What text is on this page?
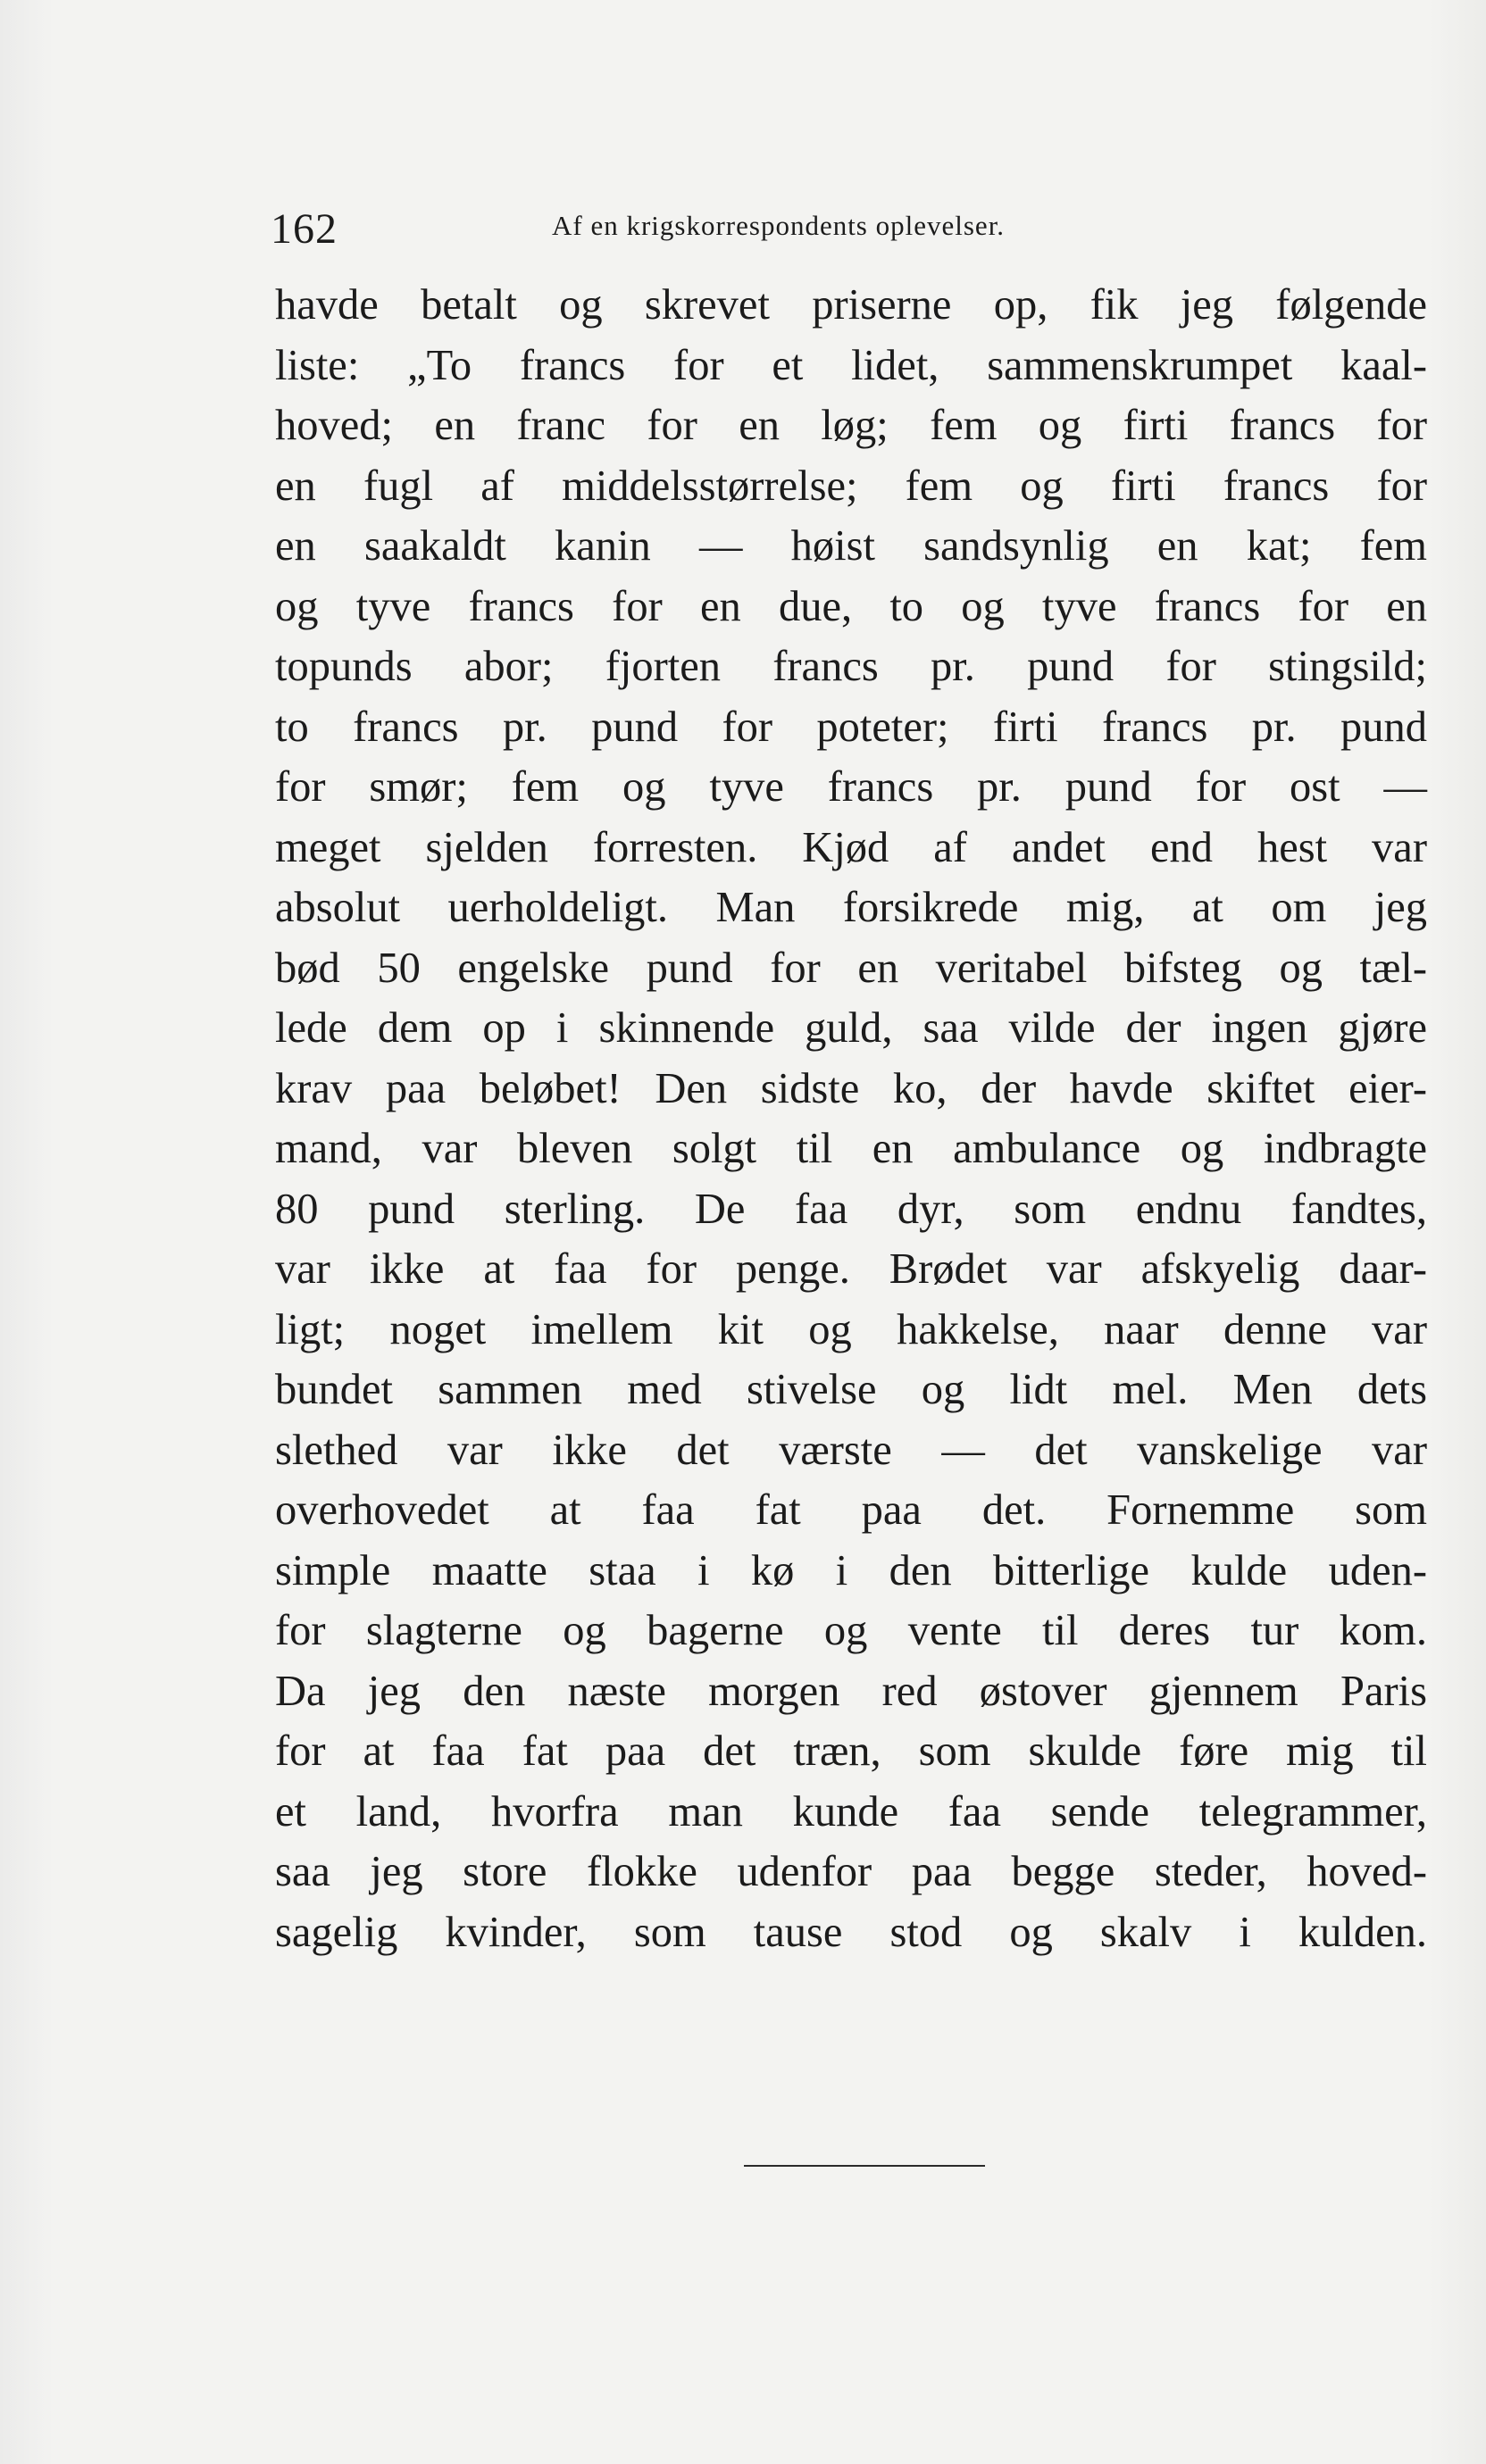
162	Af en krigskorrespondents oplevelser.
havde betalt og skrevet priserne op, fik jeg følgende
liste: „To francs for et lidet, sammenskrumpet kaal-
hoved; en franc for en løg; fem og firti francs for
en fugl af middelsstørrelse; fem og firti francs for
en saakaldt kanin — høist sandsynlig en kat; fem
og tyve francs for en due, to og tyve francs for en
topunds abor; fjorten francs pr. pund for stingsild;
to francs pr. pund for poteter; firti francs pr. pund
for smør; fem og tyve francs pr. pund for ost —
meget sjelden forresten. Kjød af andet end hest var
absolut uerholdeligt. Man forsikrede mig, at om jeg
bød 50 engelske pund for en veritabel bifsteg og tæl-
lede dem op i skinnende guld, saa vilde der ingen gjøre
krav paa beløbet! Den sidste ko, der havde skiftet eier-
mand, var bleven solgt til en ambulance og indbragte
80 pund sterling. De faa dyr, som endnu fandtes,
var ikke at faa for penge. Brødet var afskyelig daar-
ligt; noget imellem kit og hakkelse, naar denne var
bundet sammen med stivelse og lidt mel. Men dets
slethed var ikke det værste — det vanskelige var
overhovedet at faa fat paa det. Fornemme som
simple maatte staa i kø i den bitterlige kulde uden-
for slagterne og bagerne og vente til deres tur kom.
Da jeg den næste morgen red østover gjennem Paris
for at faa fat paa det træn, som skulde føre mig til
et land, hvorfra man kunde faa sende telegrammer,
saa jeg store flokke udenfor paa begge steder, hoved-
sagelig kvinder, som tause stod og skalv i kulden.
